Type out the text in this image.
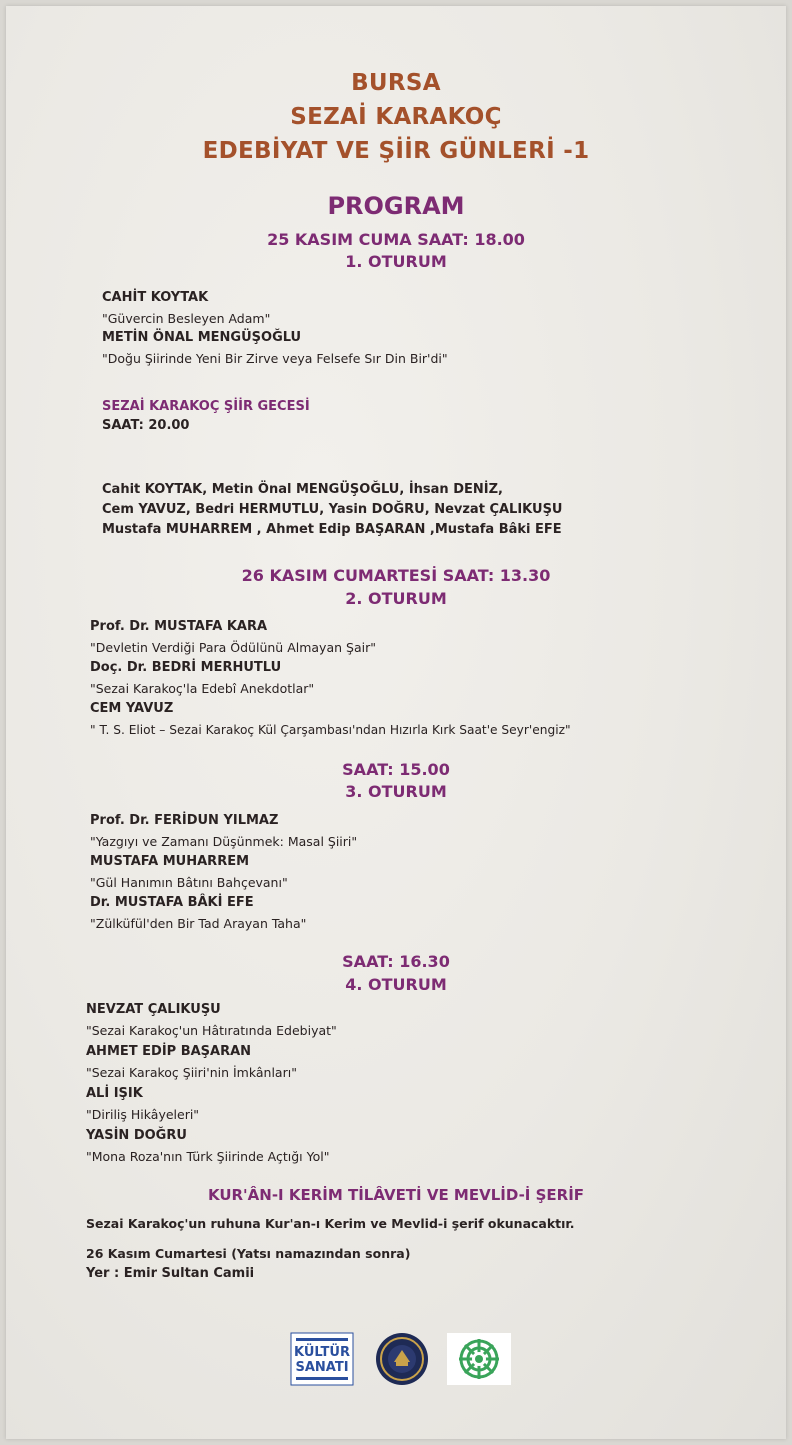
BURSA
SEZAİ KARAKOÇ
EDEBİYAT VE ŞİİR GÜNLERİ -1
PROGRAM
25 KASIM CUMA SAAT: 18.00
1. OTURUM
CAHİT KOYTAK
"Güvercin Besleyen Adam"
METİN ÖNAL MENGÜŞOĞLU
"Doğu Şiirinde Yeni Bir Zirve veya Felsefe Sır Din Bir'di"
SEZAİ KARAKOÇ ŞİİR GECESİ
SAAT: 20.00
Cahit KOYTAK, Metin Önal MENGÜŞOĞLU, İhsan DENİZ,
Cem YAVUZ, Bedri HERMUTLU, Yasin DOĞRU, Nevzat ÇALIKUŞU
Mustafa MUHARREM , Ahmet Edip BAŞARAN ,Mustafa Bâki EFE
26 KASIM CUMARTESİ SAAT: 13.30
2. OTURUM
Prof. Dr. MUSTAFA KARA
"Devletin Verdiği Para Ödülünü Almayan Şair"
Doç. Dr. BEDRİ MERHUTLU
"Sezai Karakoç'la Edebî Anekdotlar"
CEM YAVUZ
" T. S. Eliot – Sezai Karakoç Kül Çarşambası'ndan Hızırla Kırk Saat'e Seyr'engiz"
SAAT: 15.00
3. OTURUM
Prof. Dr. FERİDUN YILMAZ
"Yazgıyı ve Zamanı Düşünmek: Masal Şiiri"
MUSTAFA MUHARREM
"Gül Hanımın Bâtını Bahçevanı"
Dr. MUSTAFA BÂKİ EFE
"Zülküfül'den Bir Tad Arayan Taha"
SAAT: 16.30
4. OTURUM
NEVZAT ÇALIKUŞU
"Sezai Karakoç'un Hâtıratında Edebiyat"
AHMET EDİP BAŞARAN
"Sezai Karakoç Şiiri'nin İmkânları"
ALİ IŞIK
"Diriliş Hikâyeleri"
YASİN DOĞRU
"Mona Roza'nın Türk Şiirinde Açtığı Yol"
KUR'ÂN-I KERİM TİLÂVETİ VE MEVLİD-İ ŞERİF
Sezai Karakoç'un ruhuna Kur'an-ı Kerim ve Mevlid-i şerif okunacaktır.
26 Kasım Cumartesi (Yatsı namazından sonra)
Yer : Emir Sultan Camii
KÜLTÜR
SANATI
